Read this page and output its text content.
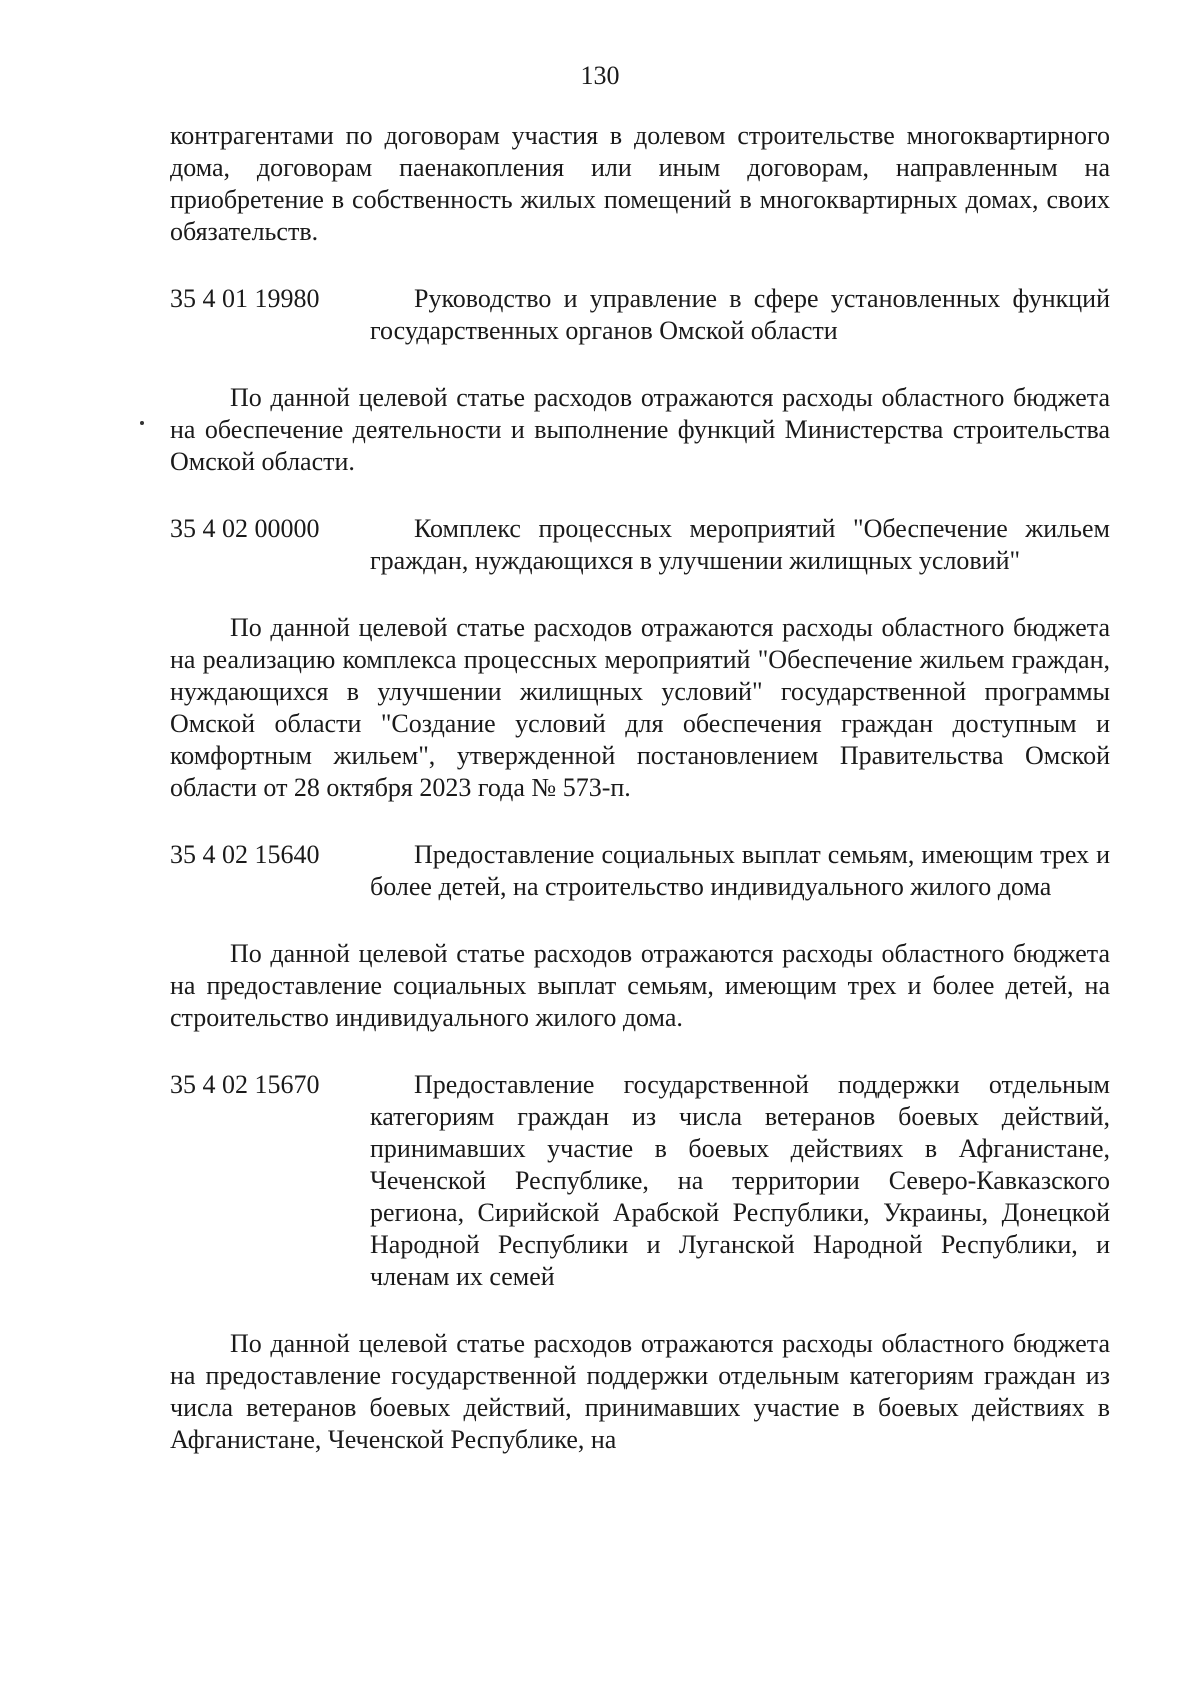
130

контрагентами по договорам участия в долевом строительстве многоквартирного дома, договорам паенакопления или иным договорам, направленным на приобретение в собственность жилых помещений в многоквартирных домах, своих обязательств.

35 4 01 19980	Руководство и управление в сфере установленных функций государственных органов Омской области

По данной целевой статье расходов отражаются расходы областного бюджета на обеспечение деятельности и выполнение функций Министерства строительства Омской области.

35 4 02 00000	Комплекс процессных мероприятий "Обеспечение жильем граждан, нуждающихся в улучшении жилищных условий"

По данной целевой статье расходов отражаются расходы областного бюджета на реализацию комплекса процессных мероприятий "Обеспечение жильем граждан, нуждающихся в улучшении жилищных условий" государственной программы Омской области "Создание условий для обеспечения граждан доступным и комфортным жильем", утвержденной постановлением Правительства Омской области от 28 октября 2023 года № 573-п.

35 4 02 15640	Предоставление социальных выплат семьям, имеющим трех и более детей, на строительство индивидуального жилого дома

По данной целевой статье расходов отражаются расходы областного бюджета на предоставление социальных выплат семьям, имеющим трех и более детей, на строительство индивидуального жилого дома.

35 4 02 15670	Предоставление государственной поддержки отдельным категориям граждан из числа ветеранов боевых действий, принимавших участие в боевых действиях в Афганистане, Чеченской Республике, на территории Северо-Кавказского региона, Сирийской Арабской Республики, Украины, Донецкой Народной Республики и Луганской Народной Республики, и членам их семей

По данной целевой статье расходов отражаются расходы областного бюджета на предоставление государственной поддержки отдельным категориям граждан из числа ветеранов боевых действий, принимавших участие в боевых действиях в Афганистане, Чеченской Республике, на
